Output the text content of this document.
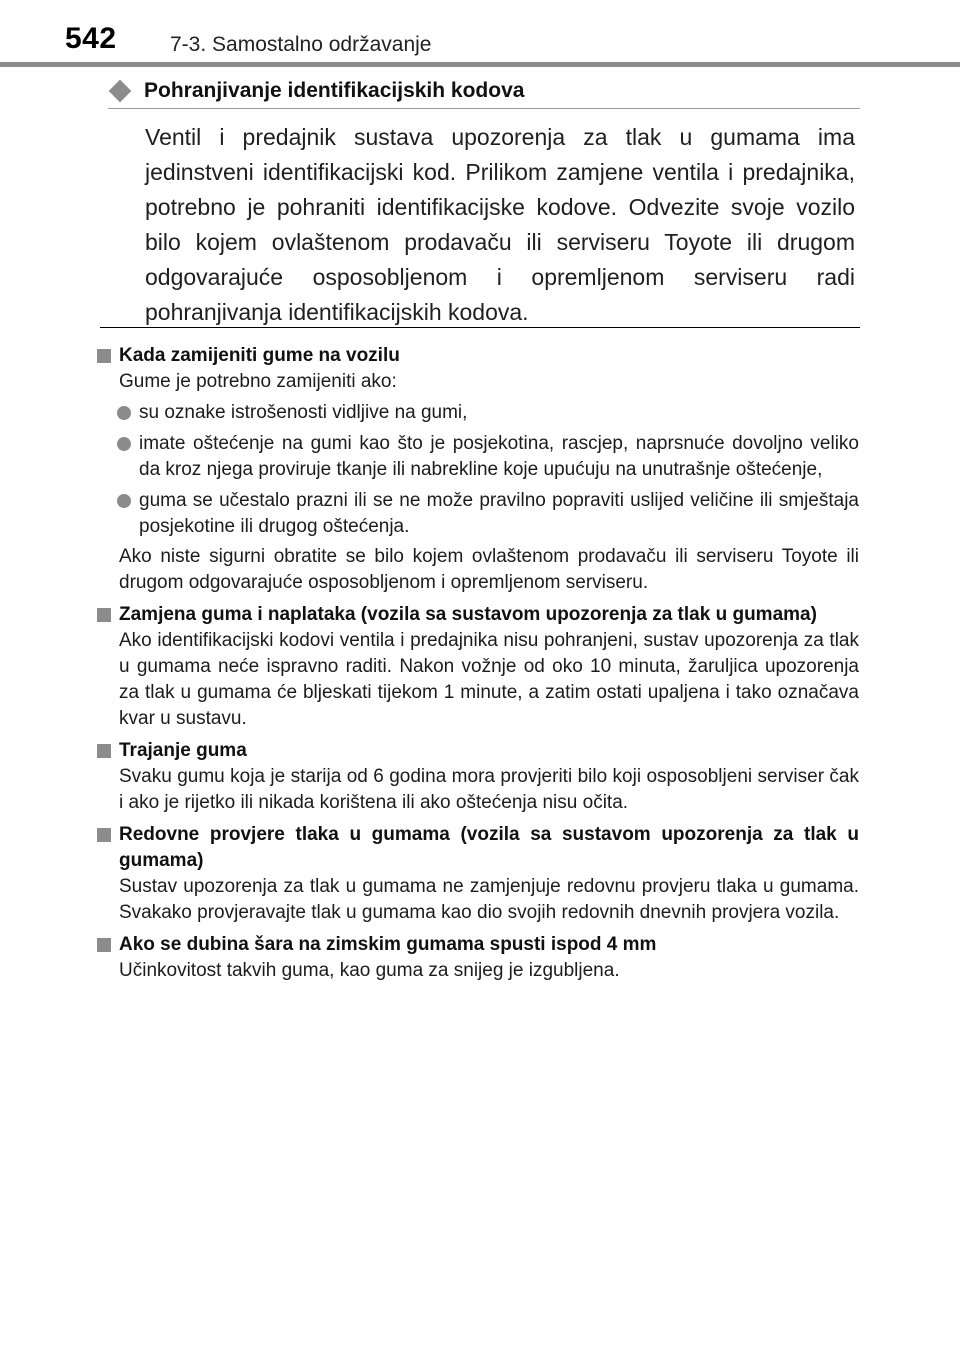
542	7-3. Samostalno održavanje
Pohranjivanje identifikacijskih kodova
Ventil i predajnik sustava upozorenja za tlak u gumama ima jedinstveni identifikacijski kod. Prilikom zamjene ventila i predajnika, potrebno je pohraniti identifikacijske kodove. Odvezite svoje vozilo bilo kojem ovlaštenom prodavaču ili serviseru Toyote ili drugom odgovarajuće osposobljenom i opremljenom serviseru radi pohranjivanja identifikacijskih kodova.
Kada zamijeniti gume na vozilu
Gume je potrebno zamijeniti ako:
su oznake istrošenosti vidljive na gumi,
imate oštećenje na gumi kao što je posjekotina, rascjep, naprsnuće dovoljno veliko da kroz njega proviruje tkanje ili nabrekline koje upućuju na unutrašnje oštećenje,
guma se učestalo prazni ili se ne može pravilno popraviti uslijed veličine ili smještaja posjekotine ili drugog oštećenja.
Ako niste sigurni obratite se bilo kojem ovlaštenom prodavaču ili serviseru Toyote ili drugom odgovarajuće osposobljenom i opremljenom serviseru.
Zamjena guma i naplataka (vozila sa sustavom upozorenja za tlak u gumama)
Ako identifikacijski kodovi ventila i predajnika nisu pohranjeni, sustav upozorenja za tlak u gumama neće ispravno raditi. Nakon vožnje od oko 10 minuta, žaruljica upozorenja za tlak u gumama će bljeskati tijekom 1 minute, a zatim ostati upaljena i tako označava kvar u sustavu.
Trajanje guma
Svaku gumu koja je starija od 6 godina mora provjeriti bilo koji osposobljeni serviser čak i ako je rijetko ili nikada korištena ili ako oštećenja nisu očita.
Redovne provjere tlaka u gumama (vozila sa sustavom upozorenja za tlak u gumama)
Sustav upozorenja za tlak u gumama ne zamjenjuje redovnu provjeru tlaka u gumama. Svakako provjeravajte tlak u gumama kao dio svojih redovnih dnevnih provjera vozila.
Ako se dubina šara na zimskim gumama spusti ispod 4 mm
Učinkovitost takvih guma, kao guma za snijeg je izgubljena.
